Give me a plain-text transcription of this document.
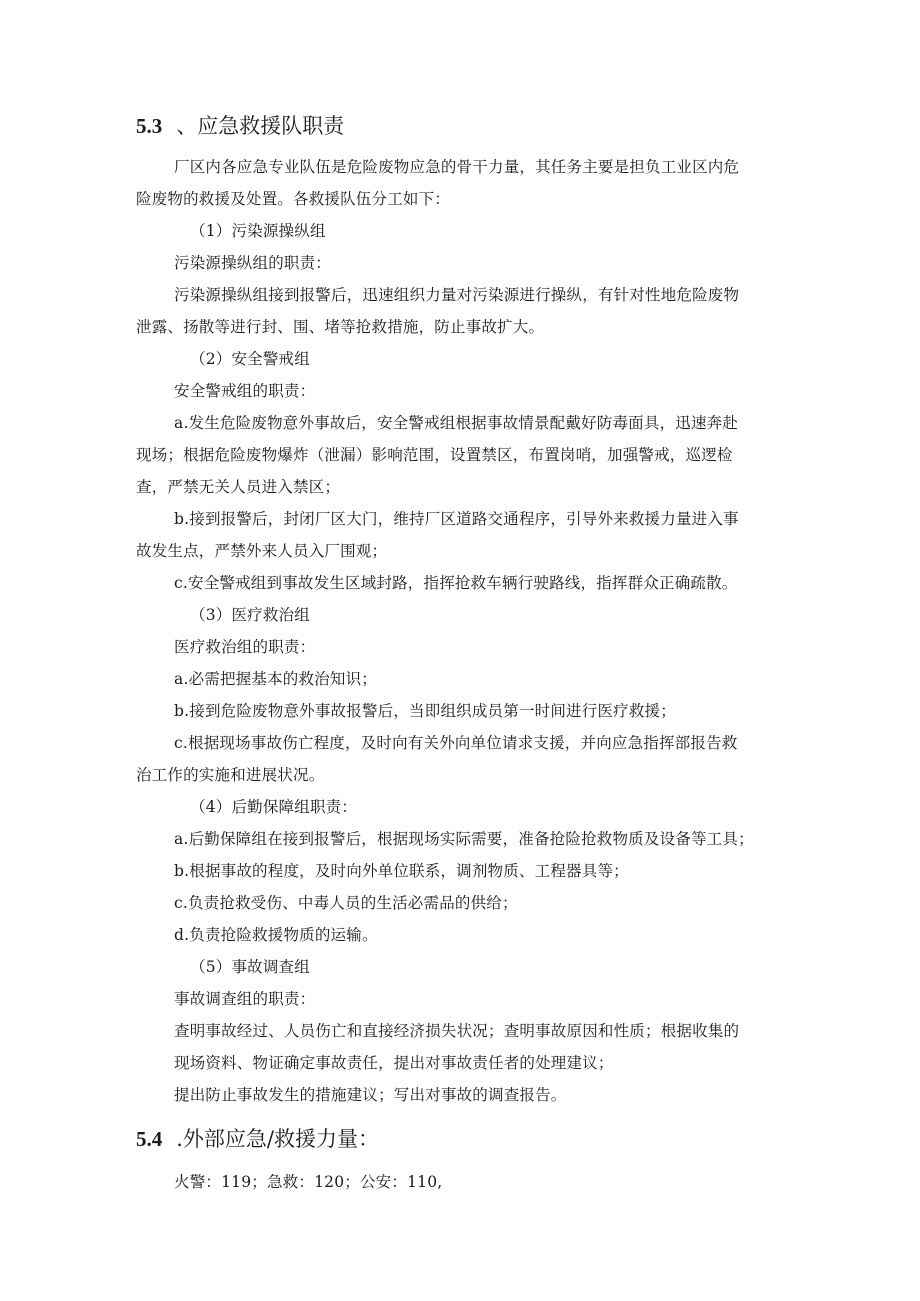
5.3 、应急救援队职责
厂区内各应急专业队伍是危险废物应急的骨干力量，其任务主要是担负工业区内危
险废物的救援及处置。各救援队伍分工如下：
（1）污染源操纵组
污染源操纵组的职责：
污染源操纵组接到报警后，迅速组织力量对污染源进行操纵，有针对性地危险废物
泄露、扬散等进行封、围、堵等抢救措施，防止事故扩大。
（2）安全警戒组
安全警戒组的职责：
a.发生危险废物意外事故后，安全警戒组根据事故情景配戴好防毒面具，迅速奔赴
现场；根据危险废物爆炸（泄漏）影响范围，设置禁区，布置岗哨，加强警戒，巡逻检
查，严禁无关人员进入禁区；
b.接到报警后，封闭厂区大门，维持厂区道路交通程序，引导外来救援力量进入事
故发生点，严禁外来人员入厂围观；
c.安全警戒组到事故发生区域封路，指挥抢救车辆行驶路线，指挥群众正确疏散。
（3）医疗救治组
医疗救治组的职责：
a.必需把握基本的救治知识；
b.接到危险废物意外事故报警后，当即组织成员第一时间进行医疗救援；
c.根据现场事故伤亡程度，及时向有关外向单位请求支援，并向应急指挥部报告救
治工作的实施和进展状况。
（4）后勤保障组职责：
a.后勤保障组在接到报警后，根据现场实际需要，准备抢险抢救物质及设备等工具；
b.根据事故的程度，及时向外单位联系，调剂物质、工程器具等；
c.负责抢救受伤、中毒人员的生活必需品的供给；
d.负责抢险救援物质的运输。
（5）事故调查组
事故调查组的职责：
查明事故经过、人员伤亡和直接经济损失状况；查明事故原因和性质；根据收集的
现场资料、物证确定事故责任，提出对事故责任者的处理建议；
提出防止事故发生的措施建议；写出对事故的调查报告。
5.4 .外部应急/救援力量：
火警：119；急救：120；公安：110,
